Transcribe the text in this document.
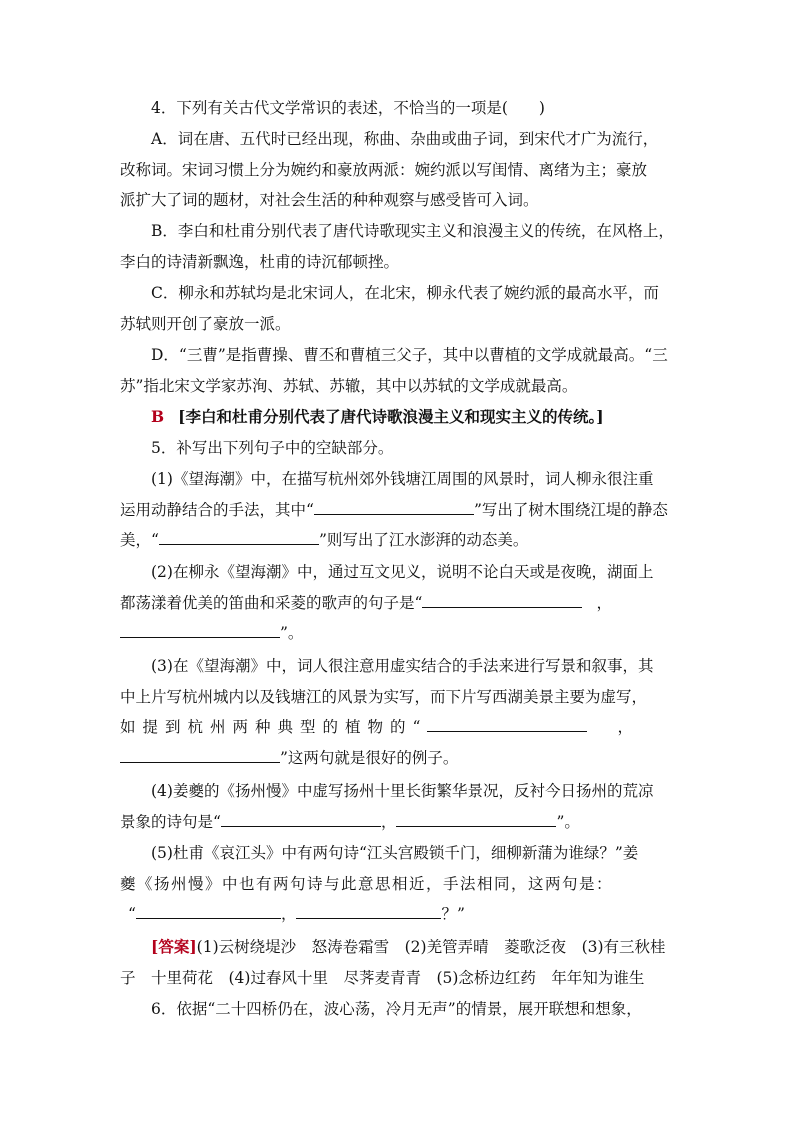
4．下列有关古代文学常识的表述，不恰当的一项是(　　)
A．词在唐、五代时已经出现，称曲、杂曲或曲子词，到宋代才广为流行，
改称词。宋词习惯上分为婉约和豪放两派：婉约派以写闺情、离绪为主；豪放
派扩大了词的题材，对社会生活的种种观察与感受皆可入词。
B．李白和杜甫分别代表了唐代诗歌现实主义和浪漫主义的传统，在风格上，
李白的诗清新飘逸，杜甫的诗沉郁顿挫。
C．柳永和苏轼均是北宋词人，在北宋，柳永代表了婉约派的最高水平，而
苏轼则开创了豪放一派。
D．“三曹”是指曹操、曹丕和曹植三父子，其中以曹植的文学成就最高。“三
苏”指北宋文学家苏洵、苏轼、苏辙，其中以苏轼的文学成就最高。
B [李白和杜甫分别代表了唐代诗歌浪漫主义和现实主义的传统。]
5．补写出下列句子中的空缺部分。
(1)《望海潮》中，在描写杭州郊外钱塘江周围的风景时，词人柳永很注重
运用动静结合的手法，其中“	”写出了树木围绕江堤的静态
美，“	”则写出了江水澎湃的动态美。
(2)在柳永《望海潮》中，通过互文见义，说明不论白天或是夜晚，湖面上
都荡漾着优美的笛曲和采菱的歌声的句子是“	，
”。
(3)在《望海潮》中，词人很注意用虚实结合的手法来进行写景和叙事，其
中上片写杭州城内以及钱塘江的风景为实写，而下片写西湖美景主要为虚写，
如提到杭州两种典型的植物的“	，
”这两句就是很好的例子。
(4)姜夔的《扬州慢》中虚写扬州十里长街繁华景况，反衬今日扬州的荒凉
景象的诗句是“	，	”。
(5)杜甫《哀江头》中有两句诗“江头宫殿锁千门，细柳新蒲为谁绿？”姜
夔《扬州慢》中也有两句诗与此意思相近，手法相同，这两句是：
“	，	？”
[答案](1)云树绕堤沙　怒涛卷霜雪　(2)羌管弄晴　菱歌泛夜　(3)有三秋桂
子　十里荷花　(4)过春风十里　尽荠麦青青　(5)念桥边红药　年年知为谁生
6．依据“二十四桥仍在，波心荡，冷月无声”的情景，展开联想和想象，
